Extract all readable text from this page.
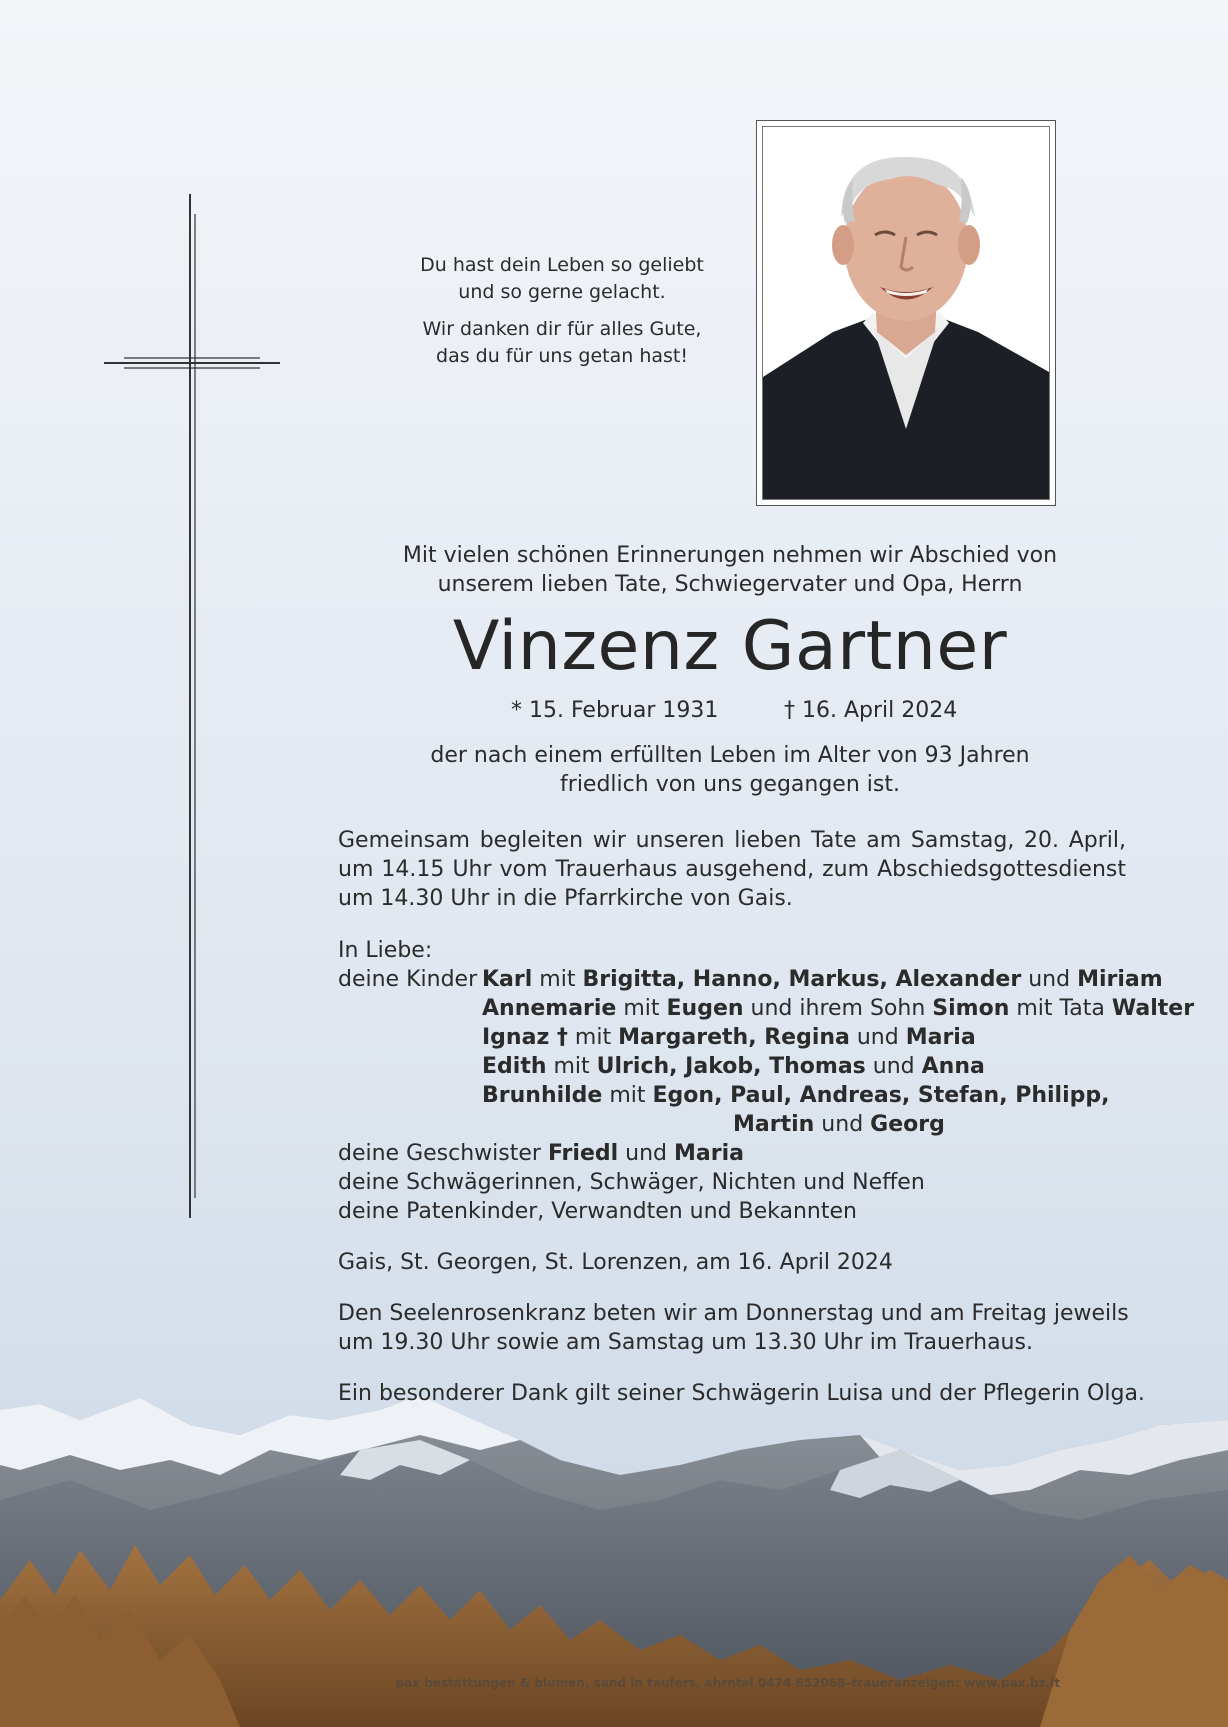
Du hast dein Leben so geliebt
und so gerne gelacht.

Wir danken dir für alles Gute,
das du für uns getan hast!

Mit vielen schönen Erinnerungen nehmen wir Abschied von
unserem lieben Tate, Schwiegervater und Opa, Herrn
Vinzenz Gartner
* 15. Februar 1931	† 16. April 2024
der nach einem erfüllten Leben im Alter von 93 Jahren
friedlich von uns gegangen ist.
Gemeinsam begleiten wir unseren lieben Tate am Samstag, 20. April, um 14.15 Uhr vom Trauerhaus ausgehend, zum Abschiedsgottesdienst um 14.30 Uhr in die Pfarrkirche von Gais.
In Liebe:
deine Kinder Karl mit Brigitta, Hanno, Markus, Alexander und Miriam
Annemarie mit Eugen und ihrem Sohn Simon mit Tata Walter
Ignaz † mit Margareth, Regina und Maria
Edith mit Ulrich, Jakob, Thomas und Anna
Brunhilde mit Egon, Paul, Andreas, Stefan, Philipp,
Martin und Georg
deine Geschwister Friedl und Maria
deine Schwägerinnen, Schwäger, Nichten und Neffen
deine Patenkinder, Verwandten und Bekannten
Gais, St. Georgen, St. Lorenzen, am 16. April 2024
Den Seelenrosenkranz beten wir am Donnerstag und am Freitag jeweils
um 19.30 Uhr sowie am Samstag um 13.30 Uhr im Trauerhaus.
Ein besonderer Dank gilt seiner Schwägerin Luisa und der Pflegerin Olga.
pax bestattungen & blumen, sand in taufers, ahrntal 0474 652068–traueranzeigen: www.pax.bz.it
